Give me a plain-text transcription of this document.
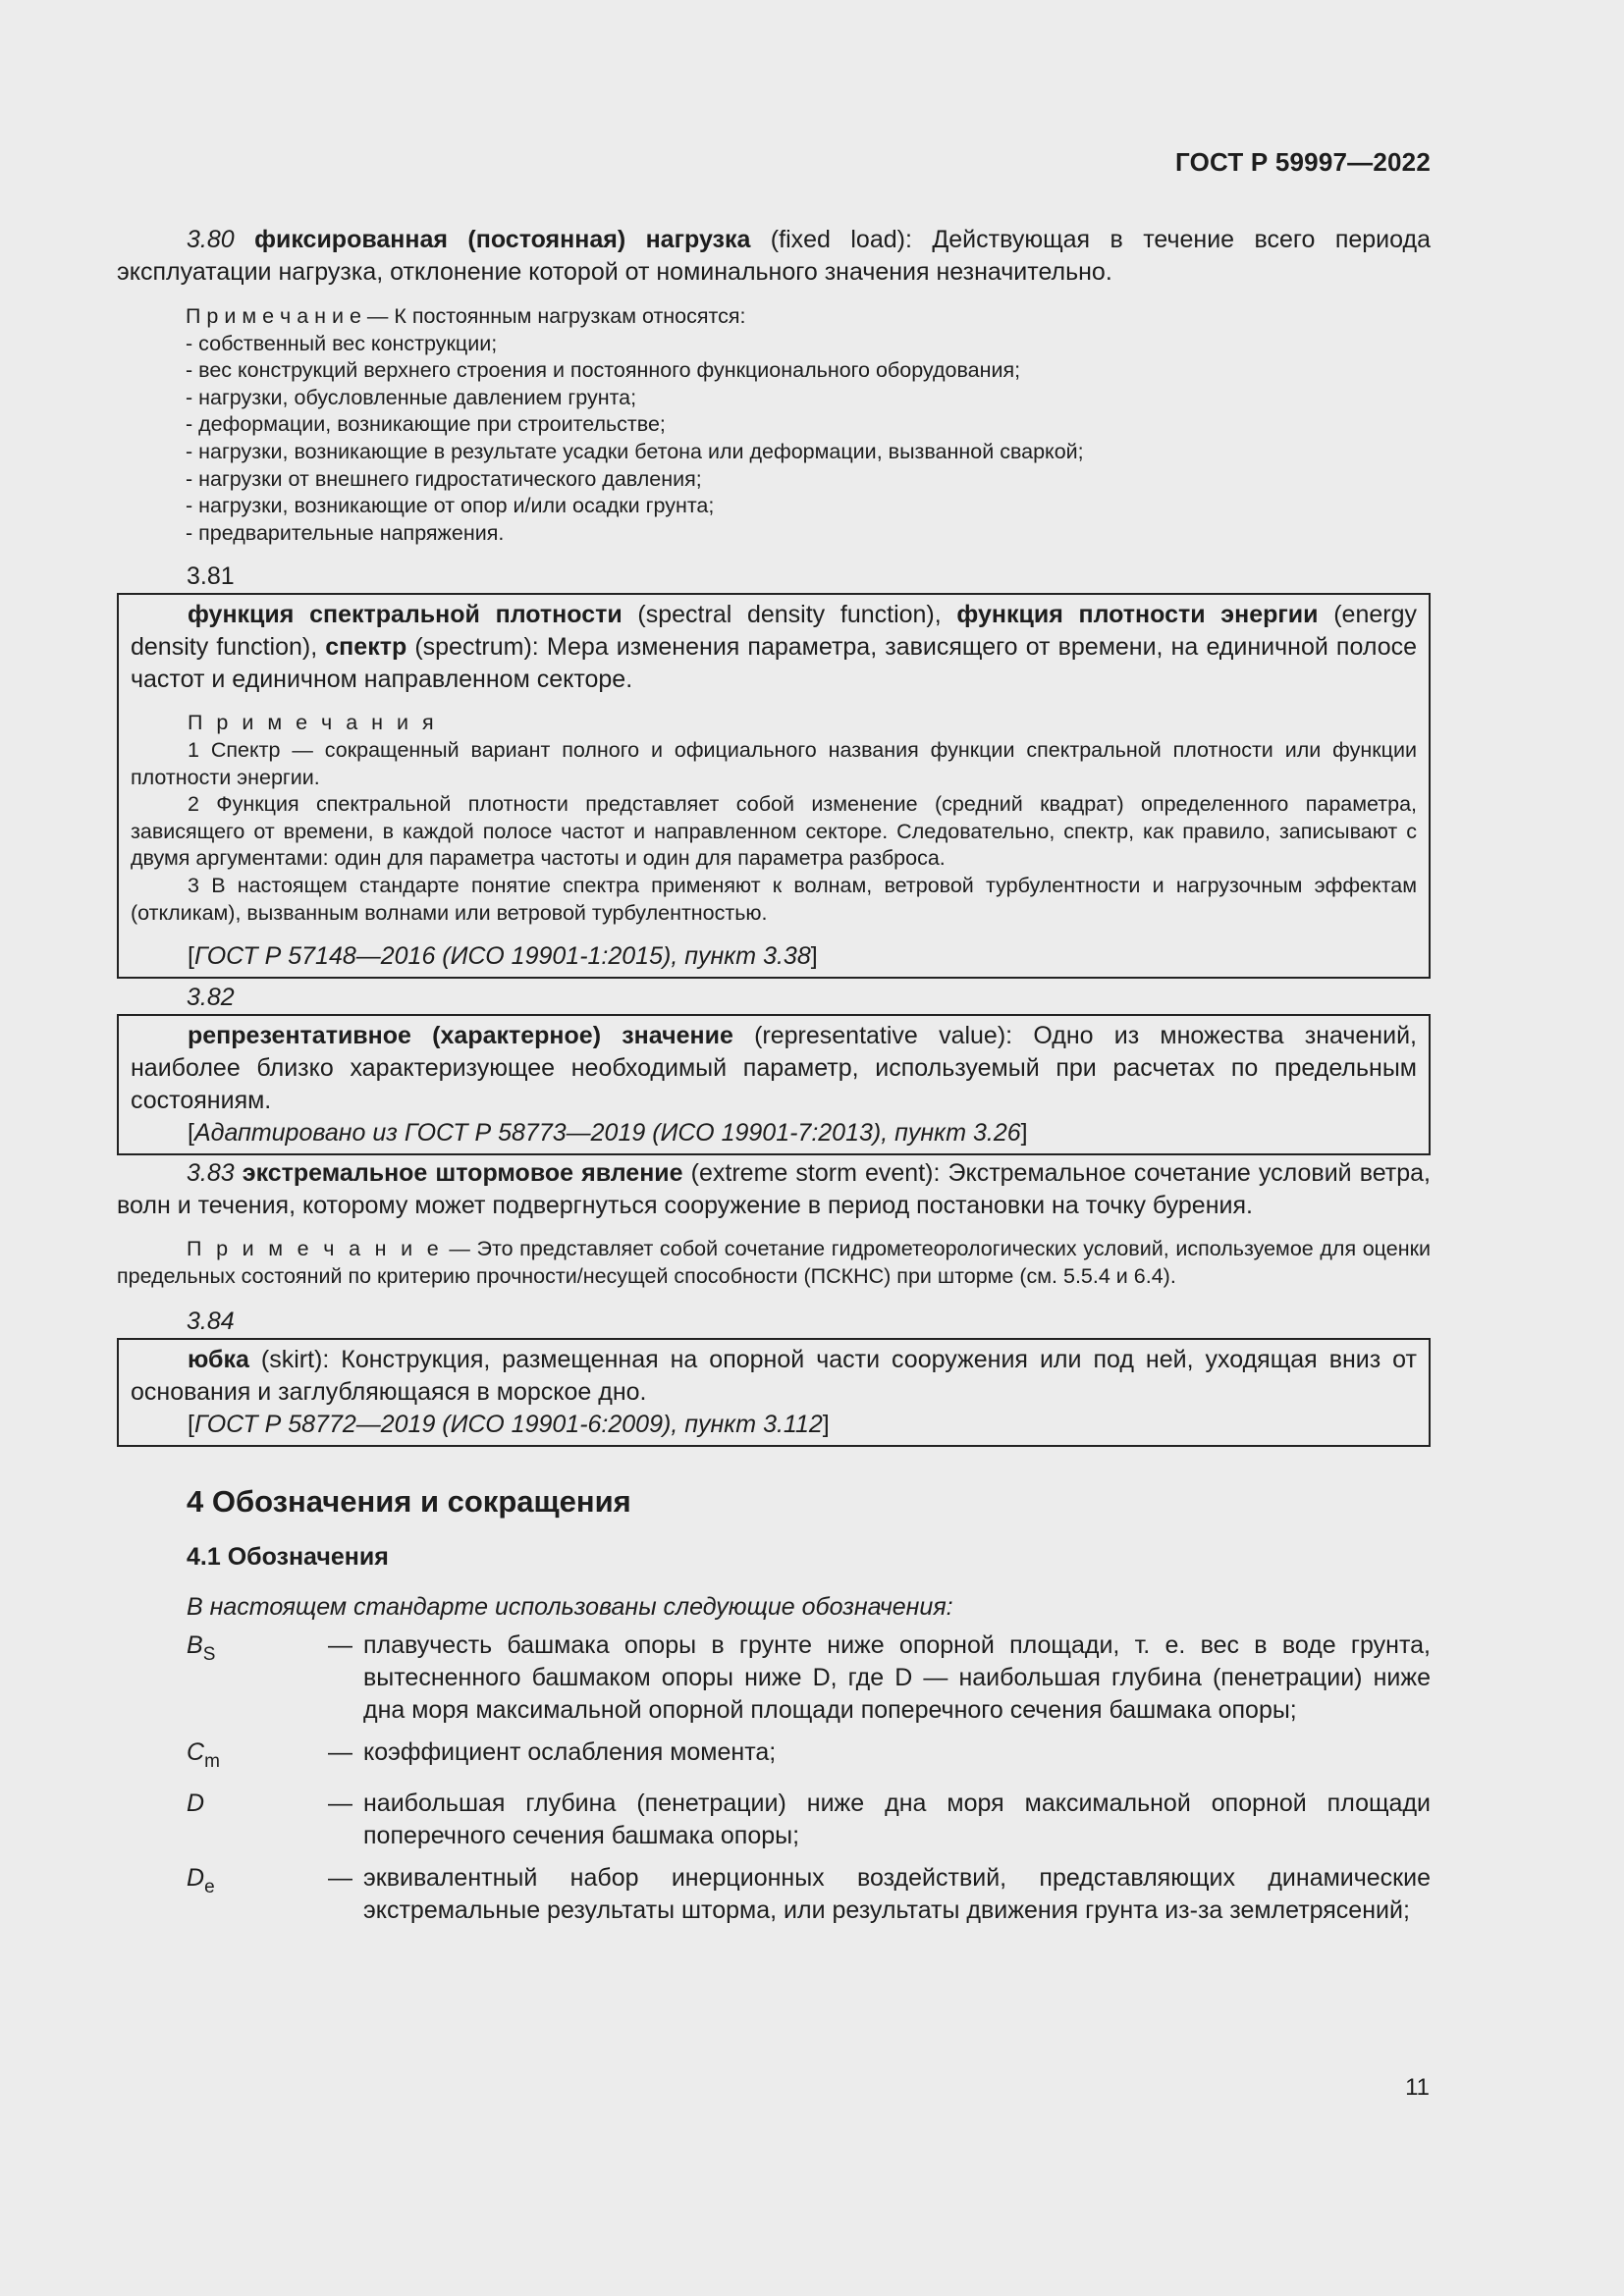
ГОСТ Р 59997—2022

3.80 фиксированная (постоянная) нагрузка (fixed load): Действующая в течение всего периода эксплуатации нагрузка, отклонение которой от номинального значения незначительно.

П р и м е ч а н и е — К постоянным нагрузкам относятся:

- собственный вес конструкции;

- вес конструкций верхнего строения и постоянного функционального оборудования;

- нагрузки, обусловленные давлением грунта;

- деформации, возникающие при строительстве;

- нагрузки, возникающие в результате усадки бетона или деформации, вызванной сваркой;

- нагрузки от внешнего гидростатического давления;

- нагрузки, возникающие от опор и/или осадки грунта;

- предварительные напряжения.

3.81

функция спектральной плотности (spectral density function), функция плотности энергии (energy density function), спектр (spectrum): Мера изменения параметра, зависящего от времени, на единичной полосе частот и единичном направленном секторе.

П р и м е ч а н и я

1 Спектр — сокращенный вариант полного и официального названия функции спектральной плотности или функции плотности энергии.

2 Функция спектральной плотности представляет собой изменение (средний квадрат) определенного параметра, зависящего от времени, в каждой полосе частот и направленном секторе. Следовательно, спектр, как правило, записывают с двумя аргументами: один для параметра частоты и один для параметра разброса.

3 В настоящем стандарте понятие спектра применяют к волнам, ветровой турбулентности и нагрузочным эффектам (откликам), вызванным волнами или ветровой турбулентностью.

[ГОСТ Р 57148—2016 (ИСО 19901-1:2015), пункт 3.38]
3.82

репрезентативное (характерное) значение (representative value): Одно из множества значений, наиболее близко характеризующее необходимый параметр, используемый при расчетах по предельным состояниям.

[Адаптировано из ГОСТ Р 58773—2019 (ИСО 19901-7:2013), пункт 3.26]

3.83 экстремальное штормовое явление (extreme storm event): Экстремальное сочетание условий ветра, волн и течения, которому может подвергнуться сооружение в период постановки на точку бурения.

П р и м е ч а н и е — Это представляет собой сочетание гидрометеорологических условий, используемое для оценки предельных состояний по критерию прочности/несущей способности (ПСКНС) при шторме (см. 5.5.4 и 6.4).

3.84

юбка (skirt): Конструкция, размещенная на опорной части сооружения или под ней, уходящая вниз от основания и заглубляющаяся в морское дно.

[ГОСТ Р 58772—2019 (ИСО 19901-6:2009), пункт 3.112]
4 Обозначения и сокращения
4.1 Обозначения
В настоящем стандарте использованы следующие обозначения:
$B_S$	— плавучесть башмака опоры в грунте ниже опорной площади, т. е. вес в воде грунта, вытесненного башмаком опоры ниже D, где D — наибольшая глубина (пенетрации) ниже дна моря максимальной опорной площади поперечного сечения башмака опоры;
$C_m$	— коэффициент ослабления момента;
D	— наибольшая глубина (пенетрации) ниже дна моря максимальной опорной площади поперечного сечения башмака опоры;
$D_e$	— эквивалентный набор инерционных воздействий, представляющих динамические экстремальные результаты шторма, или результаты движения грунта из-за землетрясений;
11
